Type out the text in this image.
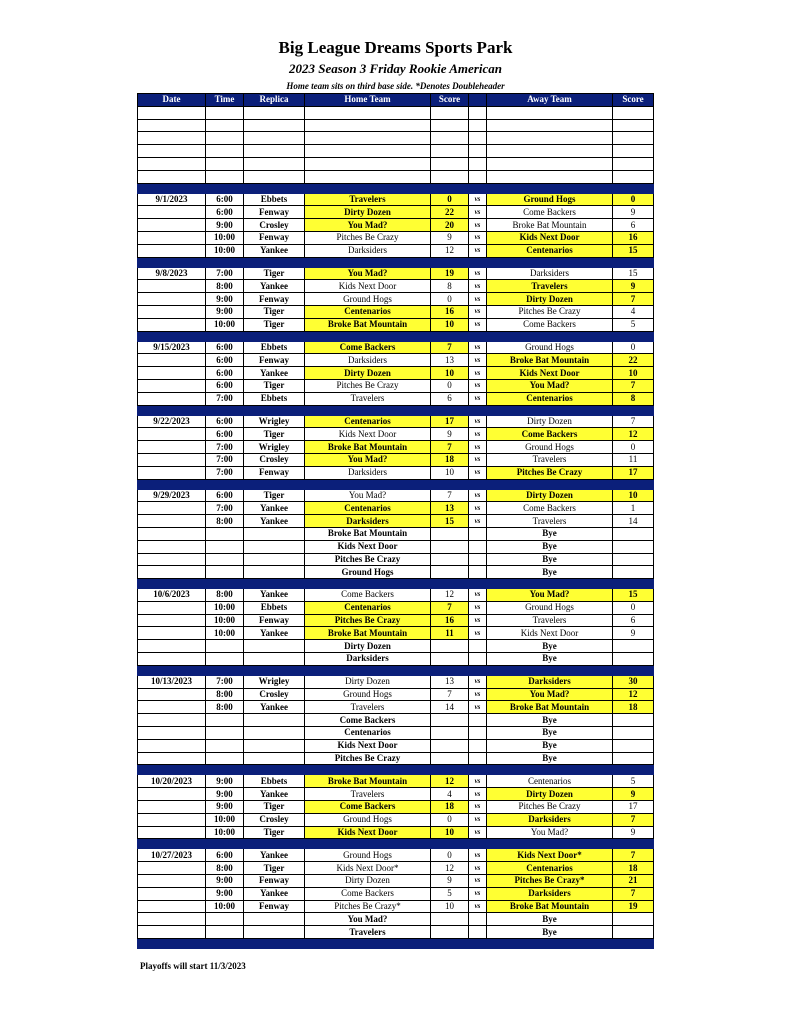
Big League Dreams Sports Park
2023 Season 3 Friday Rookie American
Home team sits on third base side. *Denotes Doubleheader
Date	Time	Replica	Home Team	Score		Away Team	Score

9/1/2023	6:00	Ebbets	Travelers	0	vs	Ground Hogs	0
	6:00	Fenway	Dirty Dozen	22	vs	Come Backers	9
	9:00	Crosley	You Mad?	20	vs	Broke Bat Mountain	6
	10:00	Fenway	Pitches Be Crazy	9	vs	Kids Next Door	16
	10:00	Yankee	Darksiders	12	vs	Centenarios	15

9/8/2023	7:00	Tiger	You Mad?	19	vs	Darksiders	15
	8:00	Yankee	Kids Next Door	8	vs	Travelers	9
	9:00	Fenway	Ground Hogs	0	vs	Dirty Dozen	7
	9:00	Tiger	Centenarios	16	vs	Pitches Be Crazy	4
	10:00	Tiger	Broke Bat Mountain	10	vs	Come Backers	5

9/15/2023	6:00	Ebbets	Come Backers	7	vs	Ground Hogs	0
	6:00	Fenway	Darksiders	13	vs	Broke Bat Mountain	22
	6:00	Yankee	Dirty Dozen	10	vs	Kids Next Door	10
	6:00	Tiger	Pitches Be Crazy	0	vs	You Mad?	7
	7:00	Ebbets	Travelers	6	vs	Centenarios	8

9/22/2023	6:00	Wrigley	Centenarios	17	vs	Dirty Dozen	7
	6:00	Tiger	Kids Next Door	9	vs	Come Backers	12
	7:00	Wrigley	Broke Bat Mountain	7	vs	Ground Hogs	0
	7:00	Crosley	You Mad?	18	vs	Travelers	11
	7:00	Fenway	Darksiders	10	vs	Pitches Be Crazy	17

9/29/2023	6:00	Tiger	You Mad?	7	vs	Dirty Dozen	10
	7:00	Yankee	Centenarios	13	vs	Come Backers	1
	8:00	Yankee	Darksiders	15	vs	Travelers	14
			Broke Bat Mountain			Bye	
			Kids Next Door			Bye	
			Pitches Be Crazy			Bye	
			Ground Hogs			Bye	

10/6/2023	8:00	Yankee	Come Backers	12	vs	You Mad?	15
	10:00	Ebbets	Centenarios	7	vs	Ground Hogs	0
	10:00	Fenway	Pitches Be Crazy	16	vs	Travelers	6
	10:00	Yankee	Broke Bat Mountain	11	vs	Kids Next Door	9
			Dirty Dozen			Bye	
			Darksiders			Bye	

10/13/2023	7:00	Wrigley	Dirty Dozen	13	vs	Darksiders	30
	8:00	Crosley	Ground Hogs	7	vs	You Mad?	12
	8:00	Yankee	Travelers	14	vs	Broke Bat Mountain	18
			Come Backers			Bye	
			Centenarios			Bye	
			Kids Next Door			Bye	
			Pitches Be Crazy			Bye	

10/20/2023	9:00	Ebbets	Broke Bat Mountain	12	vs	Centenarios	5
	9:00	Yankee	Travelers	4	vs	Dirty Dozen	9
	9:00	Tiger	Come Backers	18	vs	Pitches Be Crazy	17
	10:00	Crosley	Ground Hogs	0	vs	Darksiders	7
	10:00	Tiger	Kids Next Door	10	vs	You Mad?	9

10/27/2023	6:00	Yankee	Ground Hogs	0	vs	Kids Next Door*	7
	8:00	Tiger	Kids Next Door*	12	vs	Centenarios	18
	9:00	Fenway	Dirty Dozen	9	vs	Pitches Be Crazy*	21
	9:00	Yankee	Come Backers	5	vs	Darksiders	7
	10:00	Fenway	Pitches Be Crazy*	10	vs	Broke Bat Mountain	19
			You Mad?			Bye	
			Travelers			Bye	

Playoffs will start 11/3/2023
